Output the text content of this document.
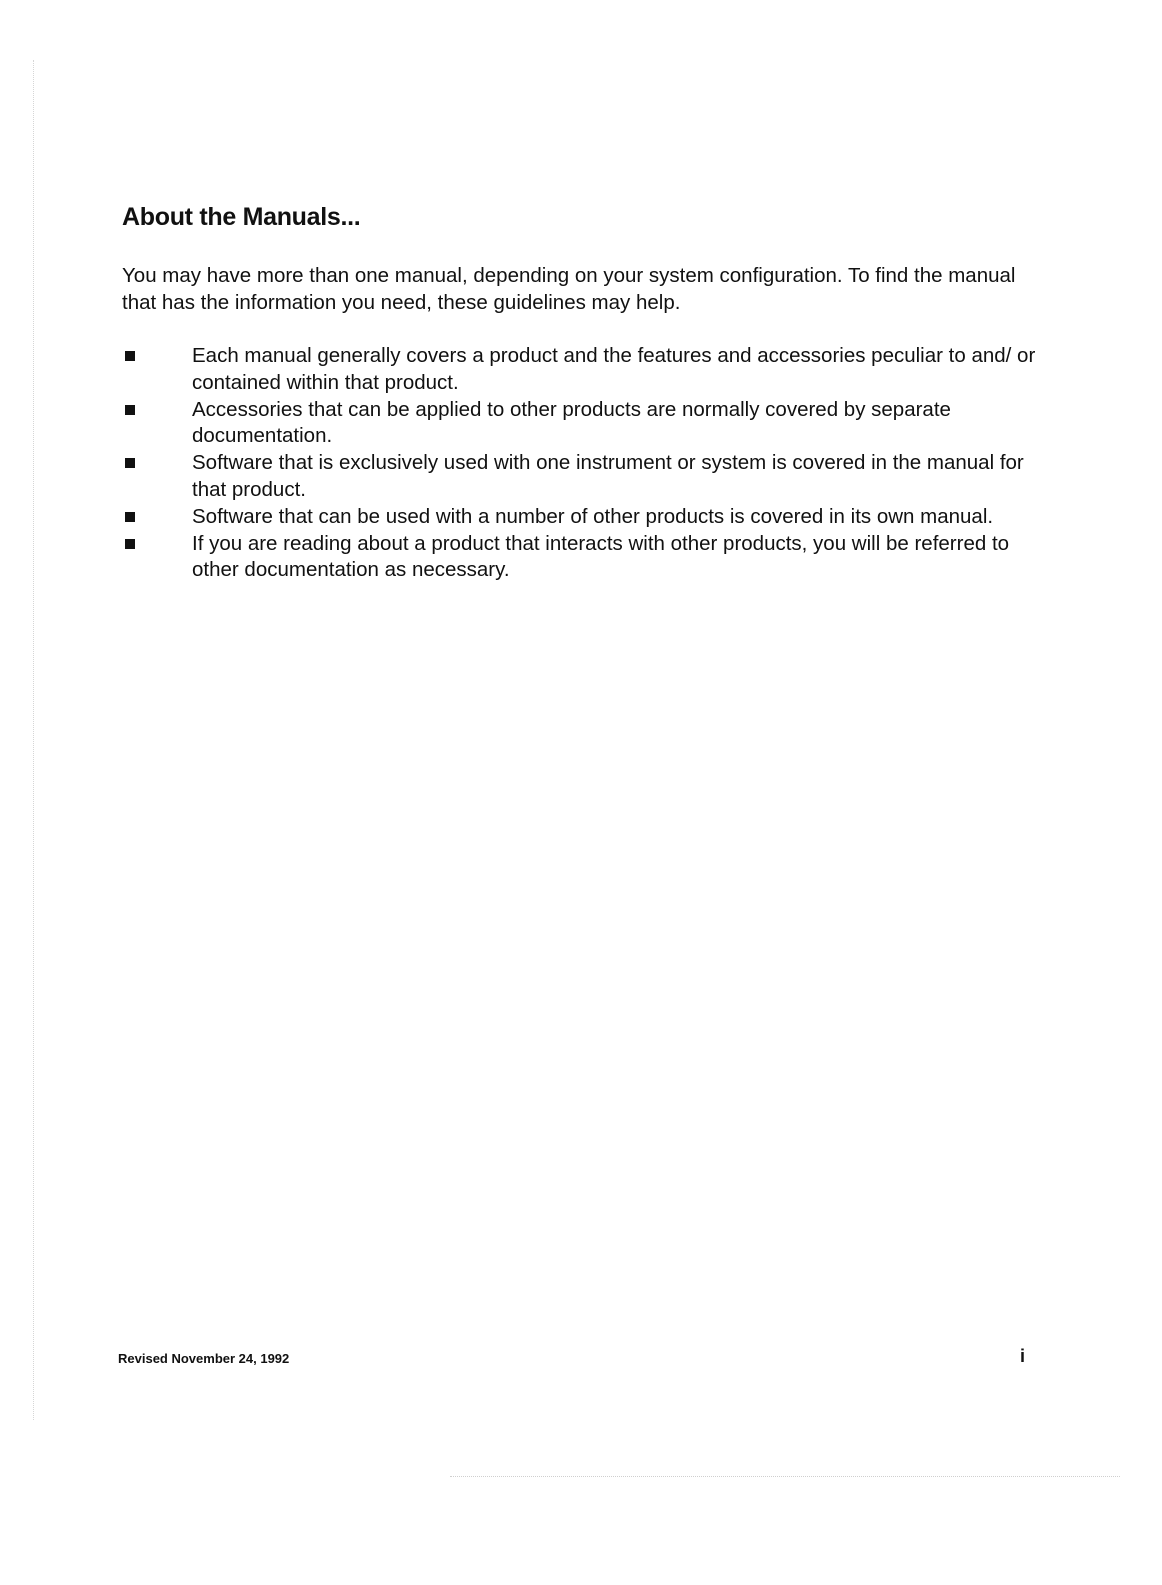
About the Manuals...

You may have more than one manual, depending on your system configuration. To find the manual that has the information you need, these guidelines may help.

Each manual generally covers a product and the features and accessories peculiar to and/ or contained within that product.
Accessories that can be applied to other products are normally covered by separate documentation.
Software that is exclusively used with one instrument or system is covered in the manual for that product.
Software that can be used with a number of other products is covered in its own manual.
If you are reading about a product that interacts with other products, you will be referred to other documentation as necessary.
Revised November 24, 1992	i
